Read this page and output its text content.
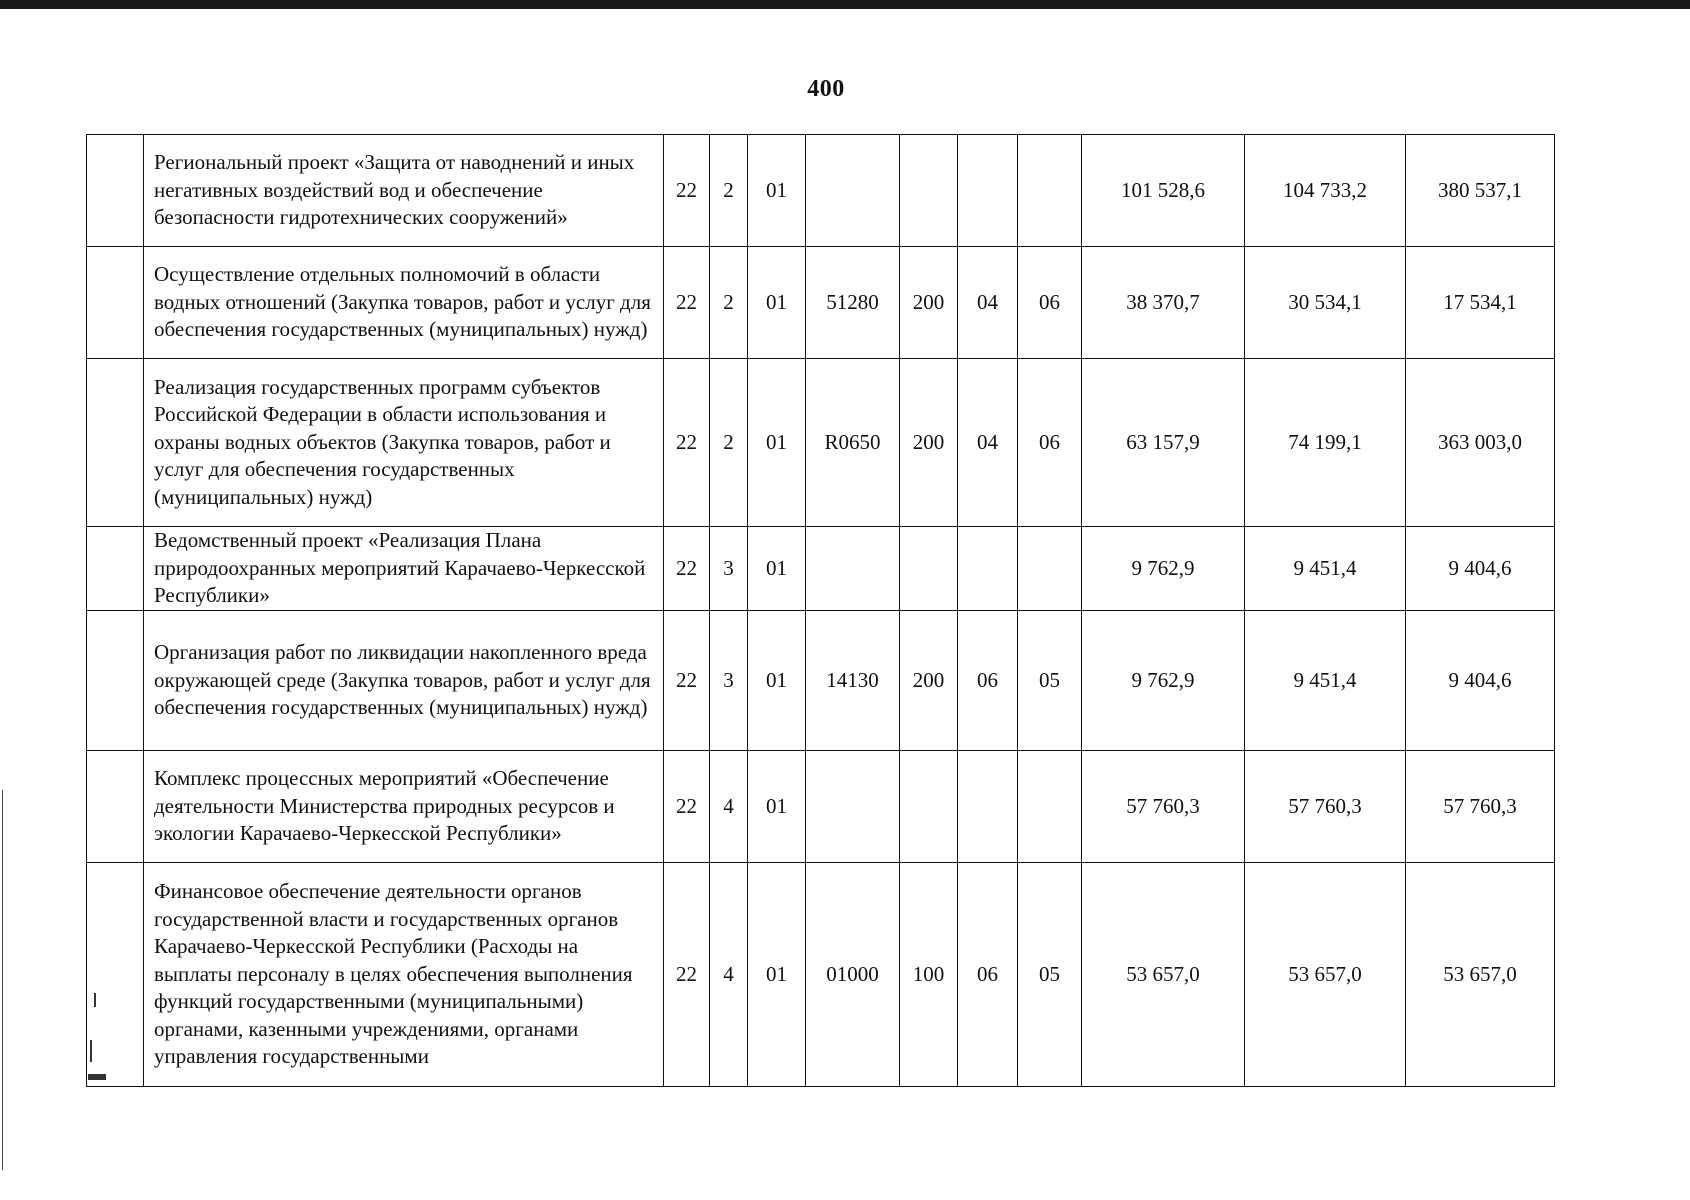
400
	Региональный проект «Защита от наводнений и иных негативных воздействий вод и обеспечение безопасности гидротехнических сооружений»	22	2	01					101 528,6	104 733,2	380 537,1
	Осуществление отдельных полномочий в области водных отношений (Закупка товаров, работ и услуг для обеспечения государственных (муниципальных) нужд)	22	2	01	51280	200	04	06	38 370,7	30 534,1	17 534,1
	Реализация государственных программ субъектов Российской Федерации в области использования и охраны водных объектов (Закупка товаров, работ и услуг для обеспечения государственных (муниципальных) нужд)	22	2	01	R0650	200	04	06	63 157,9	74 199,1	363 003,0
	Ведомственный проект «Реализация Плана природоохранных мероприятий Карачаево-Черкесской Республики»	22	3	01					9 762,9	9 451,4	9 404,6
	Организация работ по ликвидации накопленного вреда окружающей среде (Закупка товаров, работ и услуг для обеспечения государственных (муниципальных) нужд)	22	3	01	14130	200	06	05	9 762,9	9 451,4	9 404,6
	Комплекс процессных мероприятий «Обеспечение деятельности Министерства природных ресурсов и экологии Карачаево-Черкесской Республики»	22	4	01					57 760,3	57 760,3	57 760,3
	Финансовое обеспечение деятельности органов государственной власти и государственных органов Карачаево-Черкесской Республики (Расходы на выплаты персоналу в целях обеспечения выполнения функций государственными (муниципальными) органами, казенными учреждениями, органами управления государственными	22	4	01	01000	100	06	05	53 657,0	53 657,0	53 657,0
